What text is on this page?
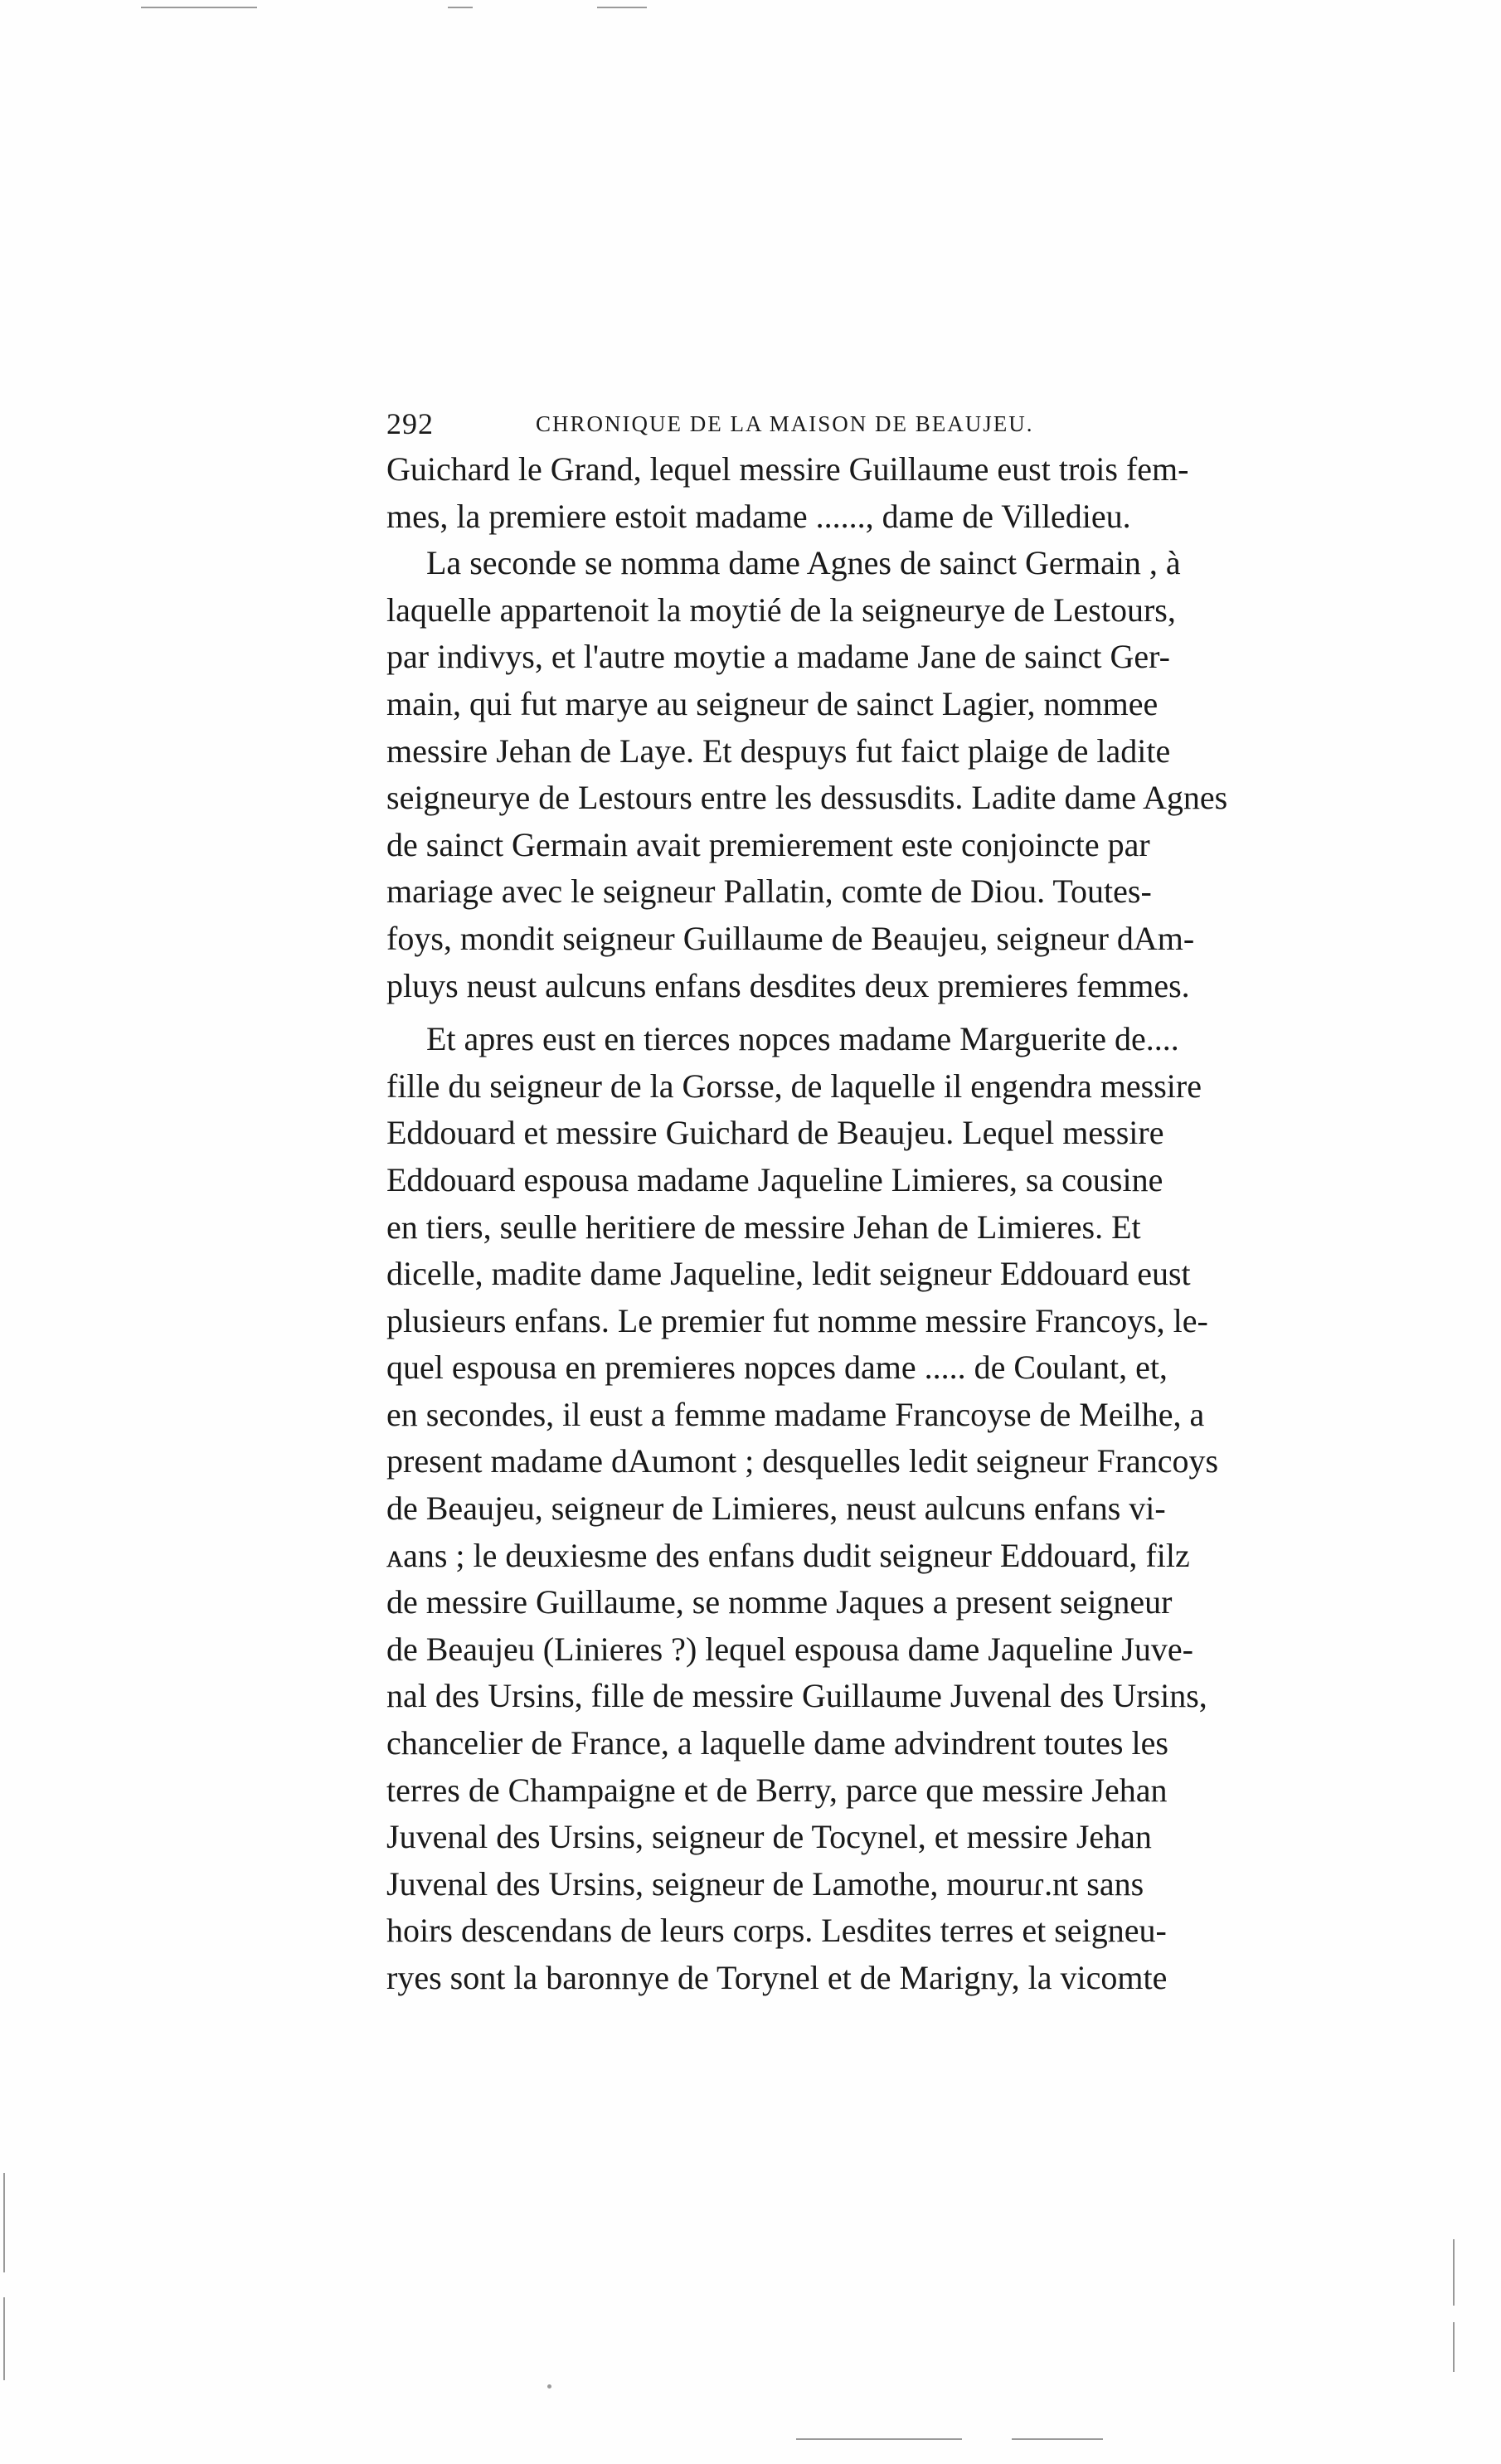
292	CHRONIQUE DE LA MAISON DE BEAUJEU.
Guichard le Grand, lequel messire Guillaume eust trois fem-
mes, la premiere estoit madame ......, dame de Villedieu.
La seconde se nomma dame Agnes de sainct Germain , à
laquelle appartenoit la moytié de la seigneurye de Lestours,
par indivys, et l'autre moytie a madame Jane de sainct Ger-
main, qui fut marye au seigneur de sainct Lagier, nommee
messire Jehan de Laye. Et despuys fut faict plaige de ladite
seigneurye de Lestours entre les dessusdits. Ladite dame Agnes
de sainct Germain avait premierement este conjoincte par
mariage avec le seigneur Pallatin, comte de Diou. Toutes-
foys, mondit seigneur Guillaume de Beaujeu, seigneur dAm-
pluys neust aulcuns enfans desdites deux premieres femmes.
Et apres eust en tierces nopces madame Marguerite de....
fille du seigneur de la Gorsse, de laquelle il engendra messire
Eddouard et messire Guichard de Beaujeu. Lequel messire
Eddouard espousa madame Jaqueline Limieres, sa cousine
en tiers, seulle heritiere de messire Jehan de Limieres. Et
dicelle, madite dame Jaqueline, ledit seigneur Eddouard eust
plusieurs enfans. Le premier fut nomme messire Francoys, le-
quel espousa en premieres nopces dame ..... de Coulant, et,
en secondes, il eust a femme madame Francoyse de Meilhe, a
present madame dAumont ; desquelles ledit seigneur Francoys
de Beaujeu, seigneur de Limieres, neust aulcuns enfans vi-
ᴀans ; le deuxiesme des enfans dudit seigneur Eddouard, filz
de messire Guillaume, se nomme Jaques a present seigneur
de Beaujeu (Linieres ?) lequel espousa dame Jaqueline Juve-
nal des Ursins, fille de messire Guillaume Juvenal des Ursins,
chancelier de France, a laquelle dame advindrent toutes les
terres de Champaigne et de Berry, parce que messire Jehan
Juvenal des Ursins, seigneur de Tocynel, et messire Jehan
Juvenal des Ursins, seigneur de Lamothe, mouruɾ.nt sans
hoirs descendans de leurs corps. Lesdites terres et seigneu-
ryes sont la baronnye de Torynel et de Marigny, la vicomte
